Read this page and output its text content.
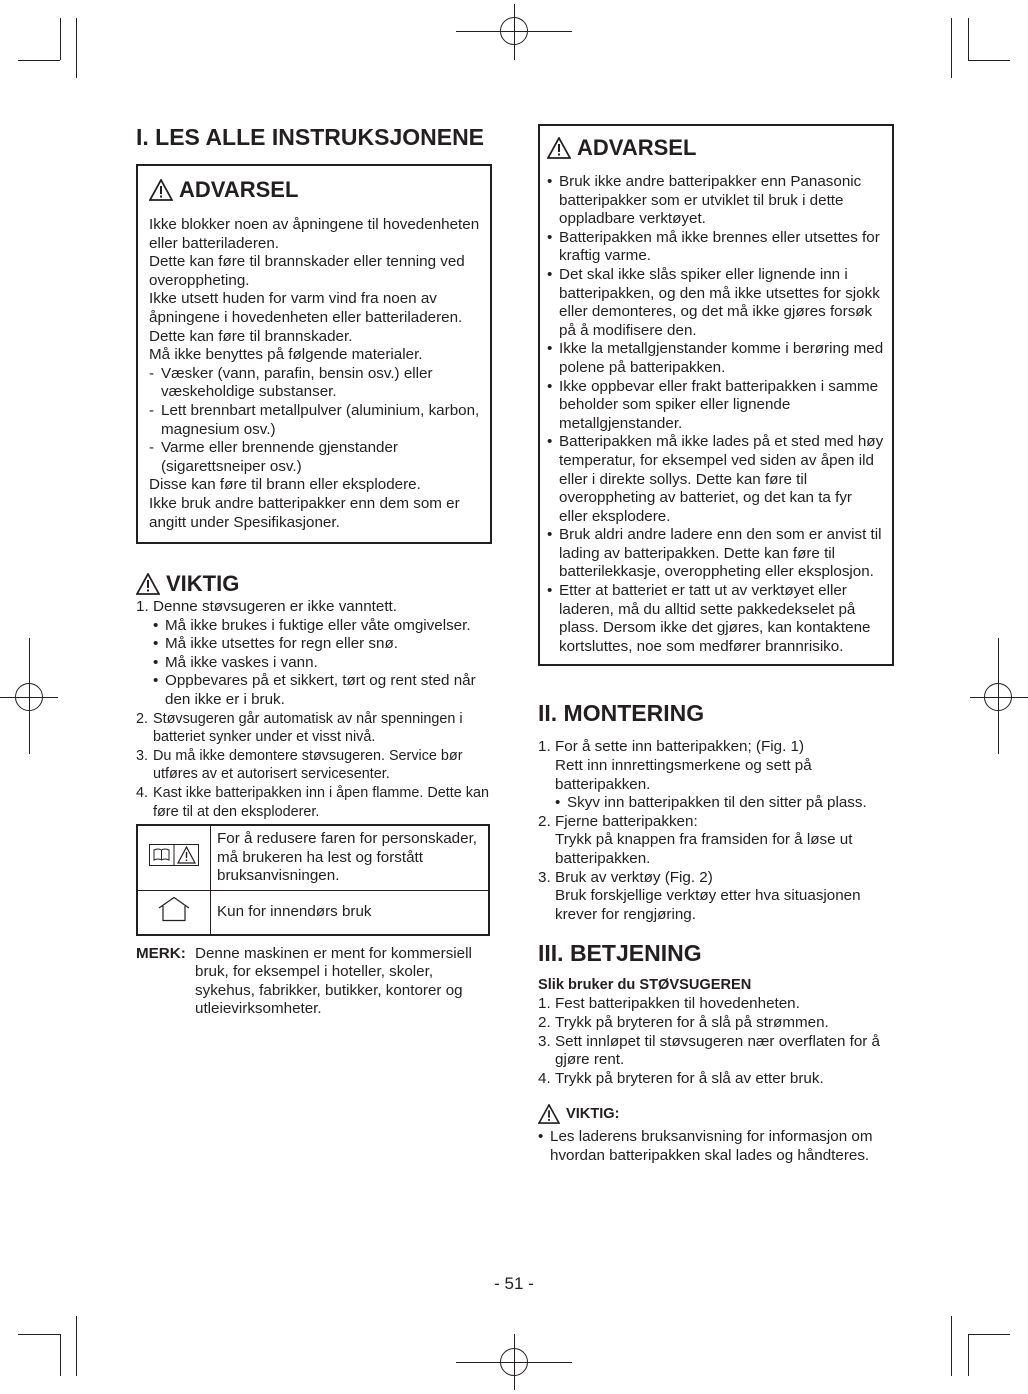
I. LES ALLE INSTRUKSJONENE
ADVARSEL
Ikke blokker noen av åpningene til hovedenheten eller batteriladeren.
Dette kan føre til brannskader eller tenning ved overoppheting.
Ikke utsett huden for varm vind fra noen av åpningene i hovedenheten eller batteriladeren.
Dette kan føre til brannskader.
Må ikke benyttes på følgende materialer.
- Væsker (vann, parafin, bensin osv.) eller væskeholdige substanser.
- Lett brennbart metallpulver (aluminium, karbon, magnesium osv.)
- Varme eller brennende gjenstander (sigarettsneiper osv.)
Disse kan føre til brann eller eksplodere.
Ikke bruk andre batteripakker enn dem som er angitt under Spesifikasjoner.
VIKTIG
1. Denne støvsugeren er ikke vanntett.
• Må ikke brukes i fuktige eller våte omgivelser.
• Må ikke utsettes for regn eller snø.
• Må ikke vaskes i vann.
• Oppbevares på et sikkert, tørt og rent sted når den ikke er i bruk.
2. Støvsugeren går automatisk av når spenningen i batteriet synker under et visst nivå.
3. Du må ikke demontere støvsugeren. Service bør utføres av et autorisert servicesenter.
4. Kast ikke batteripakken inn i åpen flamme. Dette kan føre til at den eksploderer.
	For å redusere faren for personskader, må brukeren ha lest og forstått bruksanvisningen.
	Kun for innendørs bruk
MERK: Denne maskinen er ment for kommersiell bruk, for eksempel i hoteller, skoler, sykehus, fabrikker, butikker, kontorer og utleievirksomheter.
ADVARSEL
• Bruk ikke andre batteripakker enn Panasonic batteripakker som er utviklet til bruk i dette oppladbare verktøyet.
• Batteripakken må ikke brennes eller utsettes for kraftig varme.
• Det skal ikke slås spiker eller lignende inn i batteripakken, og den må ikke utsettes for sjokk eller demonteres, og det må ikke gjøres forsøk på å modifisere den.
• Ikke la metallgjenstander komme i berøring med polene på batteripakken.
• Ikke oppbevar eller frakt batteripakken i samme beholder som spiker eller lignende metallgjenstander.
• Batteripakken må ikke lades på et sted med høy temperatur, for eksempel ved siden av åpen ild eller i direkte sollys. Dette kan føre til overoppheting av batteriet, og det kan ta fyr eller eksplodere.
• Bruk aldri andre ladere enn den som er anvist til lading av batteripakken. Dette kan føre til batterilekkasje, overoppheting eller eksplosjon.
• Etter at batteriet er tatt ut av verktøyet eller laderen, må du alltid sette pakkedekselet på plass. Dersom ikke det gjøres, kan kontaktene kortsluttes, noe som medfører brannrisiko.
II. MONTERING
1. For å sette inn batteripakken; (Fig. 1)
Rett inn innrettingsmerkene og sett på batteripakken.
• Skyv inn batteripakken til den sitter på plass.
2. Fjerne batteripakken:
Trykk på knappen fra framsiden for å løse ut batteripakken.
3. Bruk av verktøy (Fig. 2)
Bruk forskjellige verktøy etter hva situasjonen krever for rengjøring.
III. BETJENING
Slik bruker du STØVSUGEREN
1. Fest batteripakken til hovedenheten.
2. Trykk på bryteren for å slå på strømmen.
3. Sett innløpet til støvsugeren nær overflaten for å gjøre rent.
4. Trykk på bryteren for å slå av etter bruk.
VIKTIG:
• Les laderens bruksanvisning for informasjon om hvordan batteripakken skal lades og håndteres.
- 51 -
